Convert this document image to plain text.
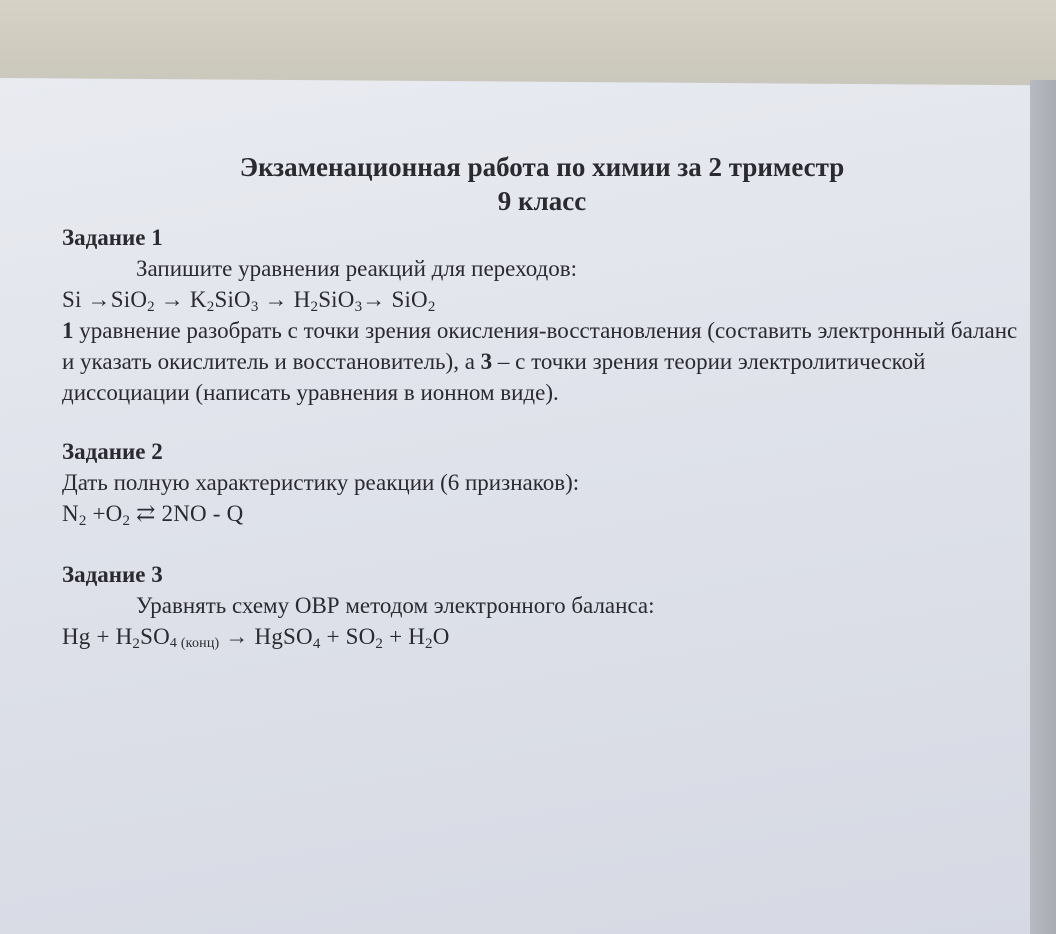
Экзаменационная работа по химии за 2 триместр

9 класс

Задание 1

Запишите уравнения реакций для переходов:

$Si \to SiO_2 \to K_2SiO_3 \to H_2SiO_3\to SiO_2$

1 уравнение разобрать с точки зрения окисления-восстановления (составить электронный баланс и указать окислитель и восстановитель), а 3 – с точки зрения теории электролитической диссоциации (написать уравнения в ионном виде).

Задание 2

Дать полную характеристику реакции (6 признаков):

$N_2 +O_2$ ⇄ 2NO - Q

Задание 3

Уравнять схему ОВР методом электронного баланса:

$Hg + H_2SO_{4 (конц)}$ → HgSO$_4$ + $SO_2 + H_2O$
